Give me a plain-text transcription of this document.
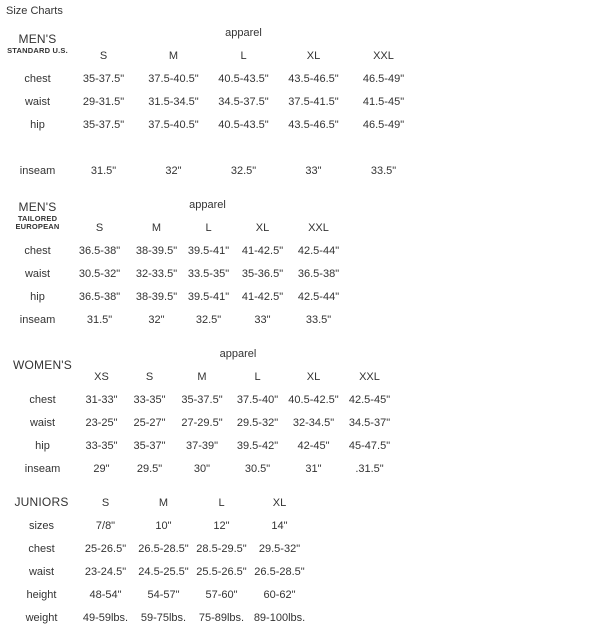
Size Charts
MEN'S
STANDARD U.S.	apparel				
	S	M	L	XL	XXL
chest	35-37.5"	37.5-40.5"	40.5-43.5"	43.5-46.5"	46.5-49"
waist	29-31.5"	31.5-34.5"	34.5-37.5"	37.5-41.5"	41.5-45"
hip	35-37.5"	37.5-40.5"	40.5-43.5"	43.5-46.5"	46.5-49"

inseam	31.5"	32"	32.5"	33"	33.5"
MEN'S
TAILORED EUROPEAN	apparel				
	S	M	L	XL	XXL
chest	36.5-38"	38-39.5"	39.5-41"	41-42.5"	42.5-44"
waist	30.5-32"	32-33.5"	33.5-35"	35-36.5"	36.5-38"
hip	36.5-38"	38-39.5"	39.5-41"	41-42.5"	42.5-44"
inseam	31.5"	32"	32.5"	33"	33.5"
WOMEN'S	apparel					
	XS	S	M	L	XL	XXL
chest	31-33"	33-35"	35-37.5"	37.5-40"	40.5-42.5"	42.5-45"
waist	23-25"	25-27"	27-29.5"	29.5-32"	32-34.5"	34.5-37"
hip	33-35"	35-37"	37-39"	39.5-42"	42-45"	45-47.5"
inseam	29"	29.5"	30"	30.5"	31"	.31.5"
JUNIORS	S	M	L	XL
sizes	7/8"	10"	12"	14"
chest	25-26.5"	26.5-28.5"	28.5-29.5"	29.5-32"
waist	23-24.5"	24.5-25.5"	25.5-26.5"	26.5-28.5"
height	48-54"	54-57"	57-60"	60-62"
weight	49-59lbs.	59-75lbs.	75-89lbs.	89-100lbs.
